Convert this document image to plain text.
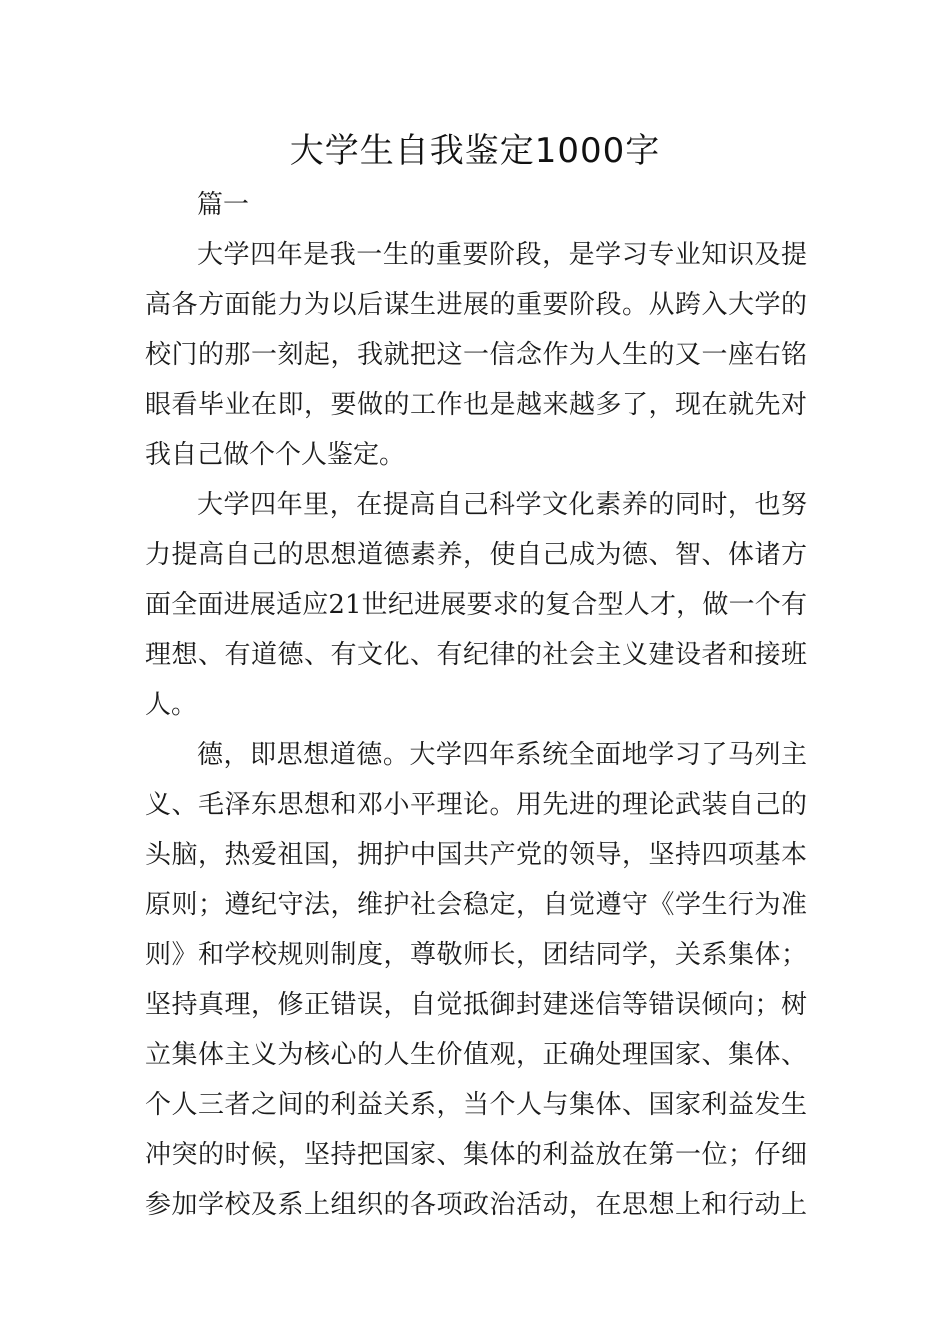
大学生自我鉴定1000字
篇一
大学四年是我一生的重要阶段，是学习专业知识及提
高各方面能力为以后谋生进展的重要阶段。从跨入大学的
校门的那一刻起，我就把这一信念作为人生的又一座右铭
眼看毕业在即，要做的工作也是越来越多了，现在就先对
我自己做个个人鉴定。
大学四年里，在提高自己科学文化素养的同时，也努
力提高自己的思想道德素养，使自己成为德、智、体诸方
面全面进展适应21世纪进展要求的复合型人才，做一个有
理想、有道德、有文化、有纪律的社会主义建设者和接班
人。
德，即思想道德。大学四年系统全面地学习了马列主
义、毛泽东思想和邓小平理论。用先进的理论武装自己的
头脑，热爱祖国，拥护中国共产党的领导，坚持四项基本
原则；遵纪守法，维护社会稳定，自觉遵守《学生行为准
则》和学校规则制度，尊敬师长，团结同学，关系集体；
坚持真理，修正错误，自觉抵御封建迷信等错误倾向；树
立集体主义为核心的人生价值观，正确处理国家、集体、
个人三者之间的利益关系，当个人与集体、国家利益发生
冲突的时候，坚持把国家、集体的利益放在第一位；仔细
参加学校及系上组织的各项政治活动，在思想上和行动上
